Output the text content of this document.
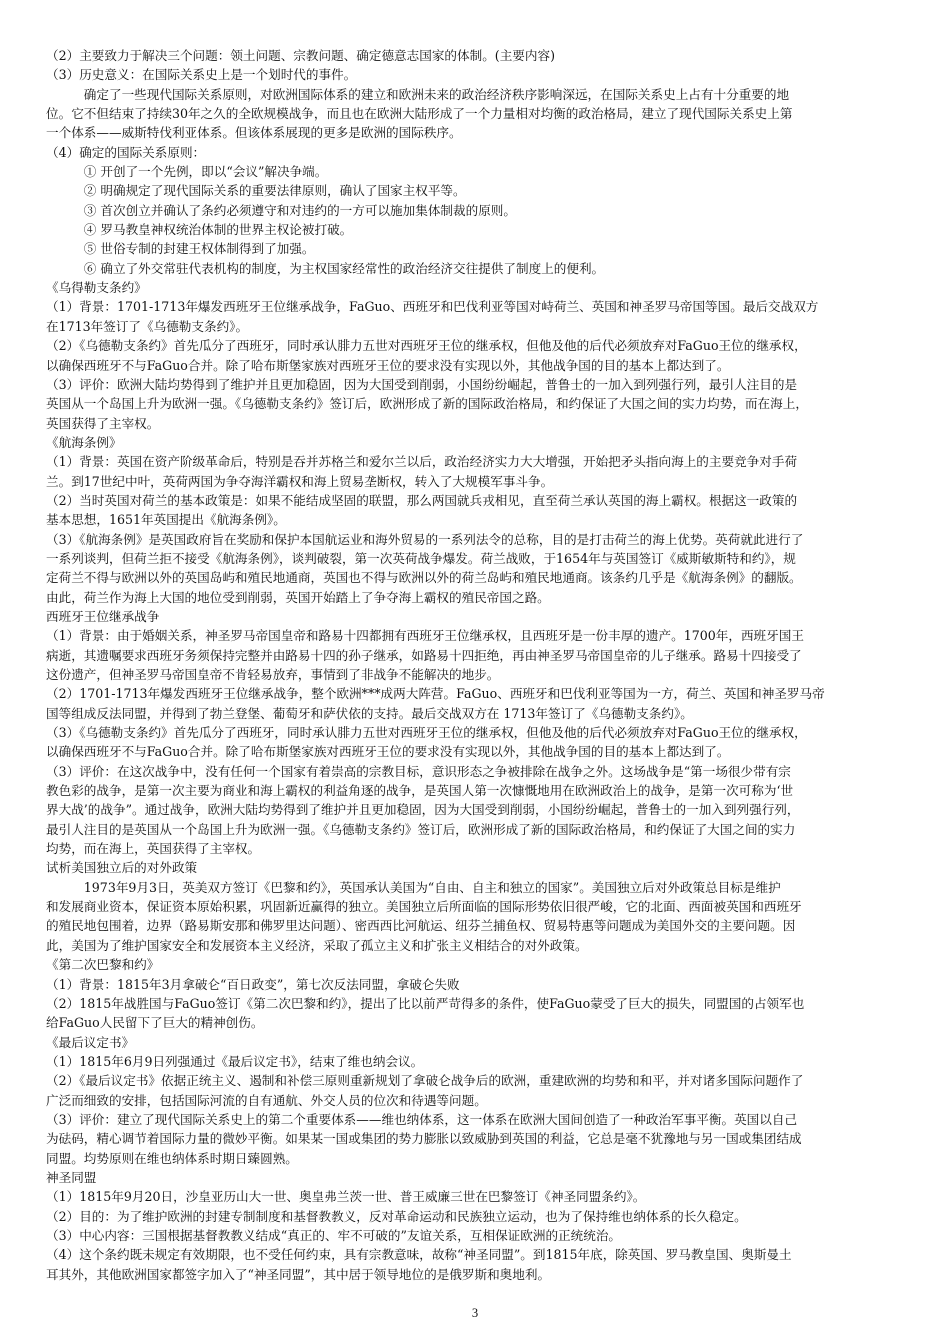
（2）主要致力于解决三个问题：领土问题、宗教问题、确定德意志国家的体制。(主要内容)
（3）历史意义：在国际关系史上是一个划时代的事件。
　　　确定了一些现代国际关系原则，对欧洲国际体系的建立和欧洲未来的政治经济秩序影响深远，在国际关系史上占有十分重要的地
位。它不但结束了持续30年之久的全欧规模战争，而且也在欧洲大陆形成了一个力量相对均衡的政治格局，建立了现代国际关系史上第
一个体系——威斯特伐利亚体系。但该体系展现的更多是欧洲的国际秩序。
（4）确定的国际关系原则：
　　　① 开创了一个先例，即以“会议”解决争端。
　　　② 明确规定了现代国际关系的重要法律原则，确认了国家主权平等。
　　　③ 首次创立并确认了条约必须遵守和对违约的一方可以施加集体制裁的原则。
　　　④ 罗马教皇神权统治体制的世界主权论被打破。
　　　⑤ 世俗专制的封建王权体制得到了加强。
　　　⑥ 确立了外交常驻代表机构的制度，为主权国家经常性的政治经济交往提供了制度上的便利。
《乌得勒支条约》
（1）背景：1701-1713年爆发西班牙王位继承战争，FaGuo、西班牙和巴伐利亚等国对峙荷兰、英国和神圣罗马帝国等国。最后交战双方
在1713年签订了《乌德勒支条约》。
（2）《乌德勒支条约》首先瓜分了西班牙，同时承认腓力五世对西班牙王位的继承权，但他及他的后代必须放弃对FaGuo王位的继承权，
以确保西班牙不与FaGuo合并。除了哈布斯堡家族对西班牙王位的要求没有实现以外，其他战争国的目的基本上都达到了。
（3）评价：欧洲大陆均势得到了维护并且更加稳固，因为大国受到削弱，小国纷纷崛起，普鲁士的一加入到列强行列，最引人注目的是
英国从一个岛国上升为欧洲一强。《乌德勒支条约》签订后，欧洲形成了新的国际政治格局，和约保证了大国之间的实力均势，而在海上，
英国获得了主宰权。
《航海条例》
（1）背景：英国在资产阶级革命后，特别是吞并苏格兰和爱尔兰以后，政治经济实力大大增强，开始把矛头指向海上的主要竞争对手荷
兰。到17世纪中叶，英荷两国为争夺海洋霸权和海上贸易垄断权，转入了大规模军事斗争。
（2）当时英国对荷兰的基本政策是：如果不能结成坚固的联盟，那么两国就兵戎相见，直至荷兰承认英国的海上霸权。根据这一政策的
基本思想，1651年英国提出《航海条例》。
（3）《航海条例》是英国政府旨在奖励和保护本国航运业和海外贸易的一系列法令的总称，目的是打击荷兰的海上优势。英荷就此进行了
一系列谈判，但荷兰拒不接受《航海条例》，谈判破裂，第一次英荷战争爆发。荷兰战败，于1654年与英国签订《威斯敏斯特和约》，规
定荷兰不得与欧洲以外的英国岛屿和殖民地通商，英国也不得与欧洲以外的荷兰岛屿和殖民地通商。该条约几乎是《航海条例》的翻版。
由此，荷兰作为海上大国的地位受到削弱，英国开始踏上了争夺海上霸权的殖民帝国之路。
西班牙王位继承战争
（1）背景：由于婚姻关系，神圣罗马帝国皇帝和路易十四都拥有西班牙王位继承权，且西班牙是一份丰厚的遗产。1700年，西班牙国王
病逝，其遗嘱要求西班牙务须保持完整并由路易十四的孙子继承，如路易十四拒绝，再由神圣罗马帝国皇帝的儿子继承。路易十四接受了
这份遗产，但神圣罗马帝国皇帝不肯轻易放弃，事情到了非战争不能解决的地步。
（2）1701-1713年爆发西班牙王位继承战争，整个欧洲***成两大阵营。FaGuo、西班牙和巴伐利亚等国为一方，荷兰、英国和神圣罗马帝
国等组成反法同盟，并得到了勃兰登堡、葡萄牙和萨伏依的支持。最后交战双方在 1713年签订了《乌德勒支条约》。
（3）《乌德勒支条约》首先瓜分了西班牙，同时承认腓力五世对西班牙王位的继承权，但他及他的后代必须放弃对FaGuo王位的继承权，
以确保西班牙不与FaGuo合并。除了哈布斯堡家族对西班牙王位的要求没有实现以外，其他战争国的目的基本上都达到了。
（3）评价：在这次战争中，没有任何一个国家有着崇高的宗教目标，意识形态之争被排除在战争之外。这场战争是“第一场很少带有宗
教色彩的战争，是第一次主要为商业和海上霸权的利益角逐的战争，是英国人第一次慷慨地用在欧洲政治上的战争，是第一次可称为‘世
界大战’的战争”。通过战争，欧洲大陆均势得到了维护并且更加稳固，因为大国受到削弱，小国纷纷崛起，普鲁士的一加入到列强行列，
最引人注目的是英国从一个岛国上升为欧洲一强。《乌德勒支条约》签订后，欧洲形成了新的国际政治格局，和约保证了大国之间的实力
均势，而在海上，英国获得了主宰权。
试析美国独立后的对外政策
　　　1973年9月3日，英美双方签订《巴黎和约》，英国承认美国为“自由、自主和独立的国家”。美国独立后对外政策总目标是维护
和发展商业资本，保证资本原始积累，巩固新近赢得的独立。美国独立后所面临的国际形势依旧很严峻，它的北面、西面被英国和西班牙
的殖民地包围着，边界（路易斯安那和佛罗里达问题）、密西西比河航运、纽芬兰捕鱼权、贸易特惠等问题成为美国外交的主要问题。因
此，美国为了维护国家安全和发展资本主义经济，采取了孤立主义和扩张主义相结合的对外政策。
《第二次巴黎和约》
（1）背景：1815年3月拿破仑“百日政变”，第七次反法同盟，拿破仑失败
（2）1815年战胜国与FaGuo签订《第二次巴黎和约》，提出了比以前严苛得多的条件，使FaGuo蒙受了巨大的损失，同盟国的占领军也
给FaGuo人民留下了巨大的精神创伤。
《最后议定书》
（1）1815年6月9日列强通过《最后议定书》，结束了维也纳会议。
（2）《最后议定书》依据正统主义、遏制和补偿三原则重新规划了拿破仑战争后的欧洲，重建欧洲的均势和和平，并对诸多国际问题作了
广泛而细致的安排，包括国际河流的自有通航、外交人员的位次和待遇等问题。
（3）评价：建立了现代国际关系史上的第二个重要体系——维也纳体系，这一体系在欧洲大国间创造了一种政治军事平衡。英国以自己
为砝码，精心调节着国际力量的微妙平衡。如果某一国或集团的势力膨胀以致威胁到英国的利益，它总是毫不犹豫地与另一国或集团结成
同盟。均势原则在维也纳体系时期日臻圆熟。
神圣同盟
（1）1815年9月20日，沙皇亚历山大一世、奥皇弗兰茨一世、普王威廉三世在巴黎签订《神圣同盟条约》。
（2）目的：为了维护欧洲的封建专制制度和基督教教义，反对革命运动和民族独立运动，也为了保持维也纳体系的长久稳定。
（3）中心内容：三国根据基督教教义结成“真正的、牢不可破的”友谊关系，互相保证欧洲的正统统治。
（4）这个条约既未规定有效期限，也不受任何约束，具有宗教意味，故称“神圣同盟”。到1815年底，除英国、罗马教皇国、奥斯曼土
耳其外，其他欧洲国家都签字加入了“神圣同盟”，其中居于领导地位的是俄罗斯和奥地利。
3
